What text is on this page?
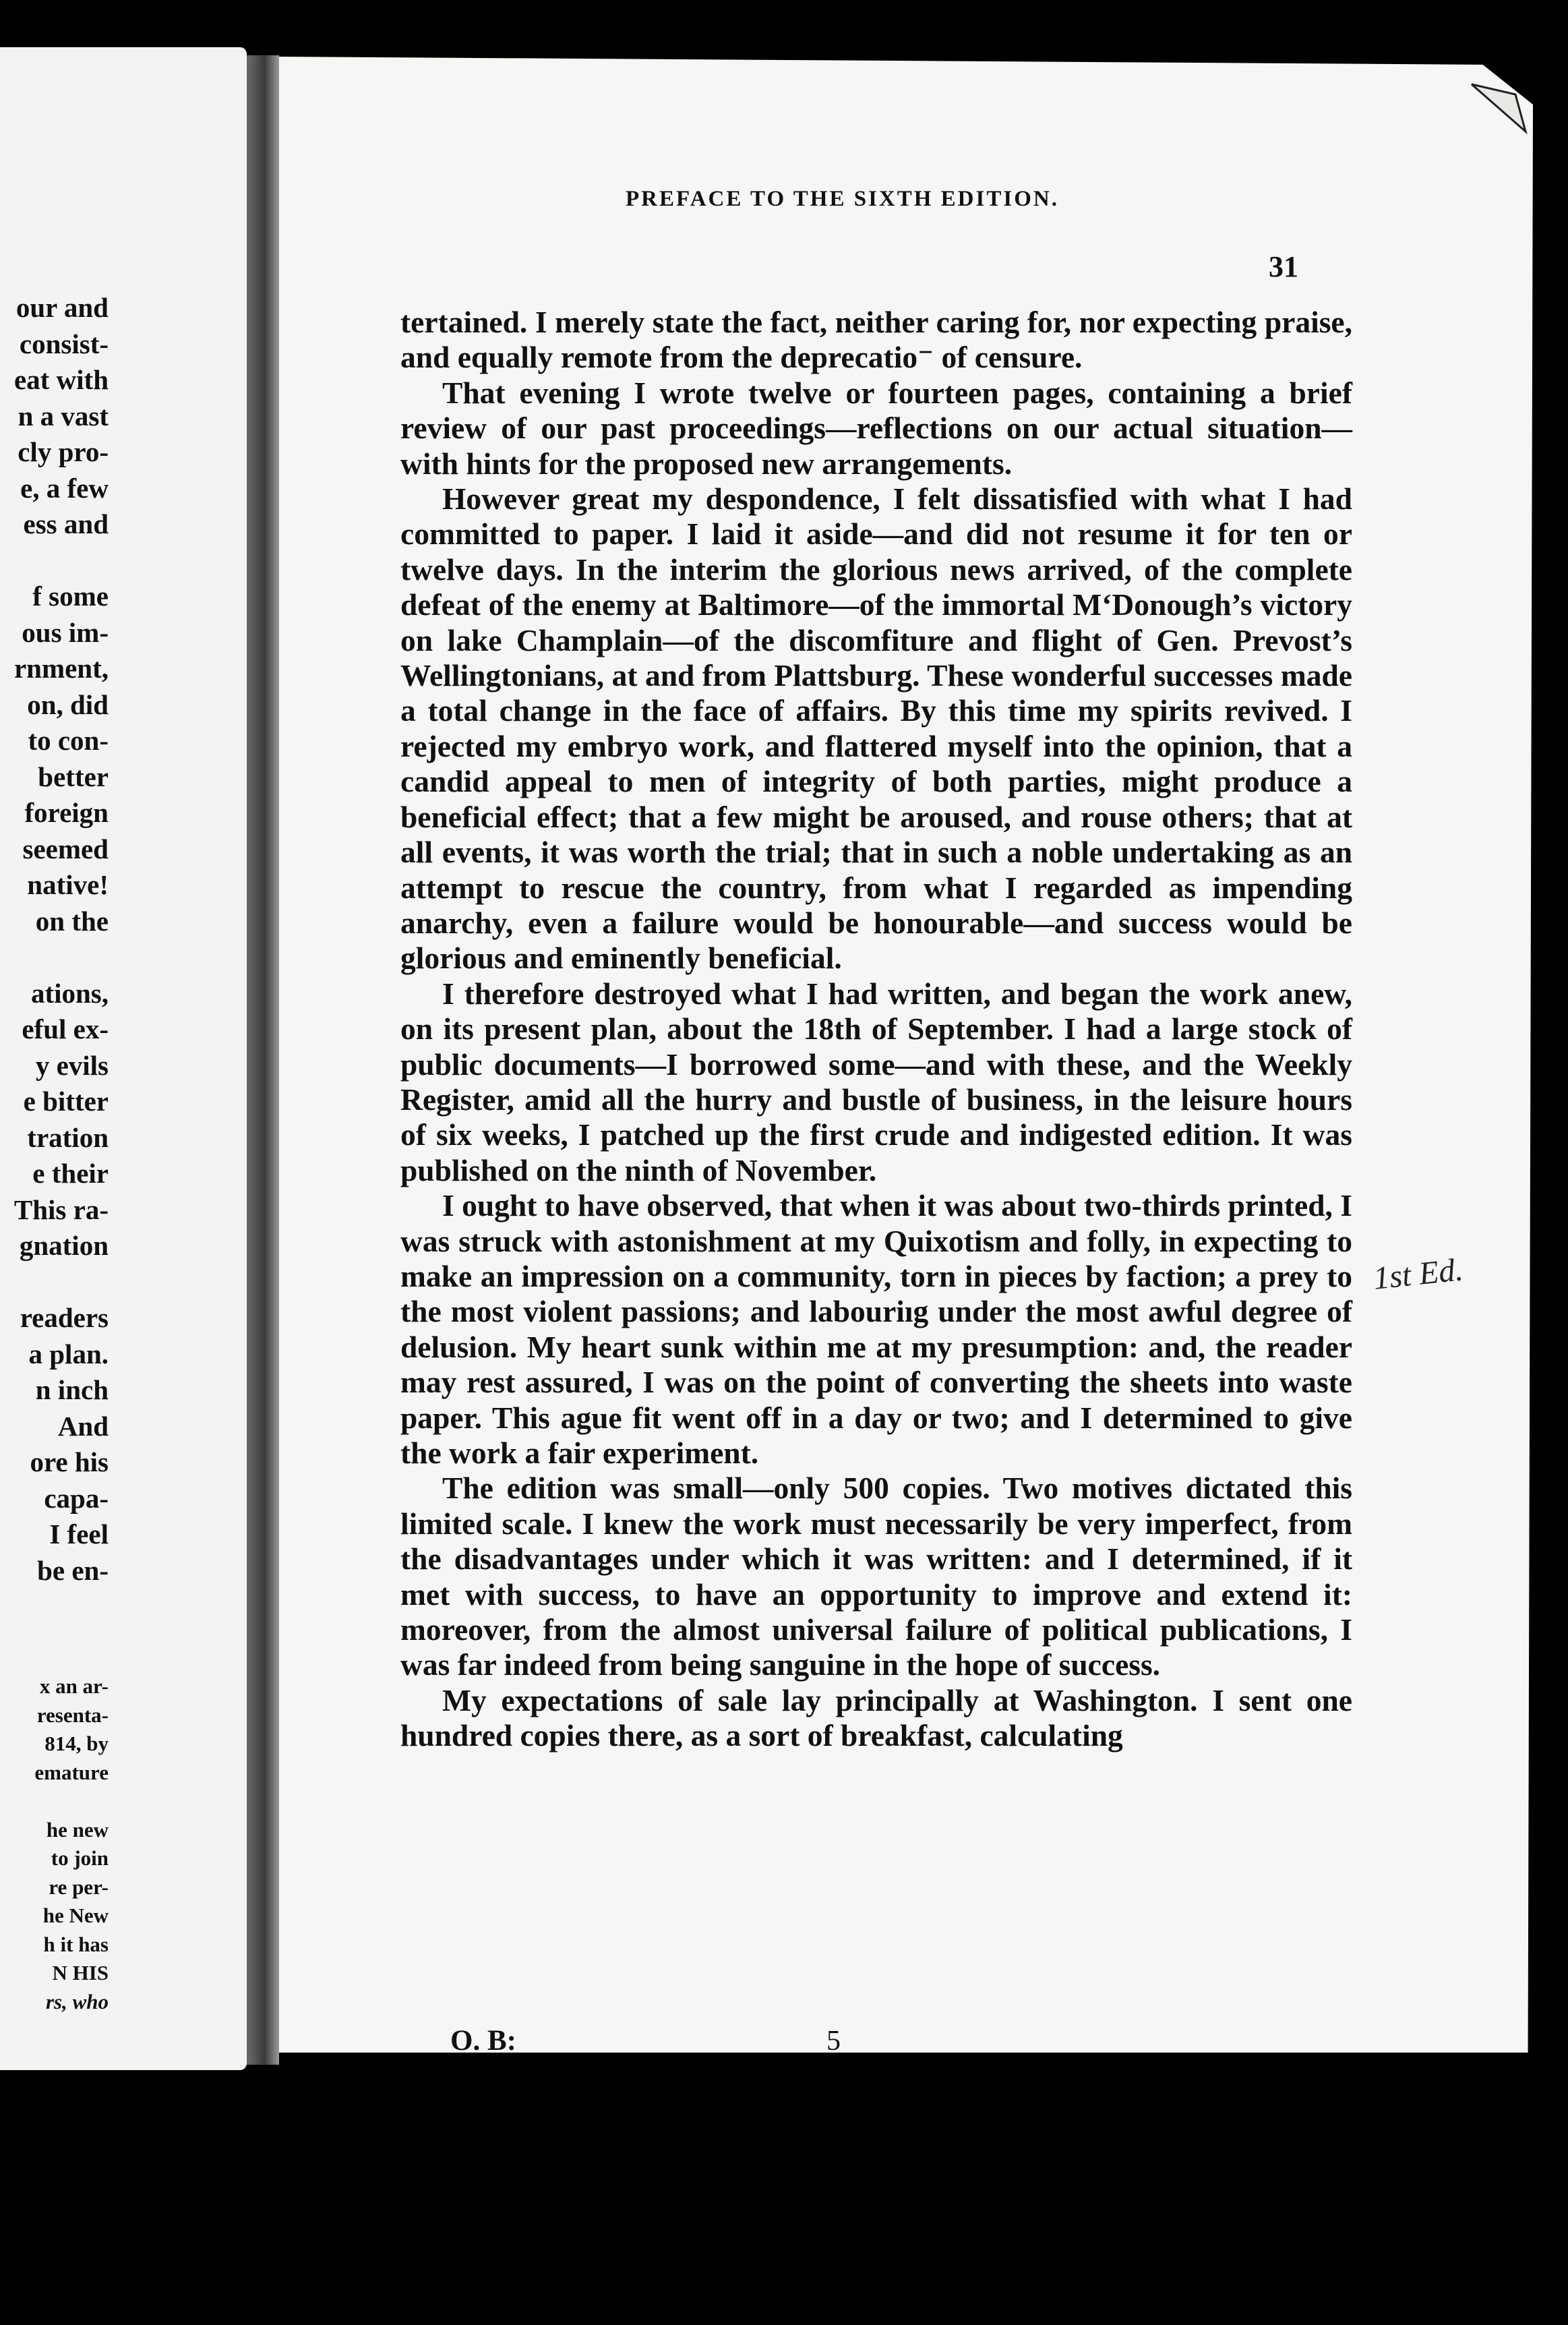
our and
consist-
eat with
n a vast
cly pro-
e, a few
ess and
f some
ous im-
rnment,
on, did
to con-
better
foreign
seemed
native!
on the
ations,
eful ex-
y evils
e bitter
tration
e their
This ra-
gnation
readers
a plan.
n inch
And
ore his
capa-
I feel
be en-
x an ar-
resenta-
814, by
emature
he new
to join
re per-
he New
h it has
N HIS
rs, who
PREFACE TO THE SIXTH EDITION.
31

tertained. I merely state the fact, neither caring for, nor expecting praise, and equally remote from the deprecatio⁻ of censure.

That evening I wrote twelve or fourteen pages, containing a brief review of our past proceedings—reflections on our actual situation—with hints for the proposed new arrangements.

However great my despondence, I felt dissatisfied with what I had committed to paper. I laid it aside—and did not resume it for ten or twelve days. In the interim the glorious news arrived, of the complete defeat of the enemy at Baltimore—of the immortal M‘Donough’s victory on lake Champlain—of the discomfiture and flight of Gen. Prevost’s Wellingtonians, at and from Plattsburg. These wonderful successes made a total change in the face of affairs. By this time my spirits revived. I rejected my embryo work, and flattered myself into the opinion, that a candid appeal to men of integrity of both parties, might produce a beneficial effect; that a few might be aroused, and rouse others; that at all events, it was worth the trial; that in such a noble undertaking as an attempt to rescue the country, from what I regarded as impending anarchy, even a failure would be honourable—and success would be glorious and eminently beneficial.

I therefore destroyed what I had written, and began the work anew, on its present plan, about the 18th of September. I had a large stock of public documents—I borrowed some—and with these, and the Weekly Register, amid all the hurry and bustle of business, in the leisure hours of six weeks, I patched up the first crude and indigested edition. It was published on the ninth of November.

I ought to have observed, that when it was about two-thirds printed, I was struck with astonishment at my Quixotism and folly, in expecting to make an impression on a community, torn in pieces by faction; a prey to the most violent passions; and labouriıg under the most awful degree of delusion. My heart sunk within me at my presumption: and, the reader may rest assured, I was on the point of converting the sheets into waste paper. This ague fit went off in a day or two; and I determined to give the work a fair experiment.

The edition was small—only 500 copies. Two motives dictated this limited scale. I knew the work must necessarily be very imperfect, from the disadvantages under which it was written: and I determined, if it met with success, to have an opportunity to improve and extend it: moreover, from the almost universal failure of political publications, I was far indeed from being sanguine in the hope of success.

My expectations of sale lay principally at Washington. I sent one hundred copies there, as a sort of breakfast, calculating

O. B:	5
1st Ed.
